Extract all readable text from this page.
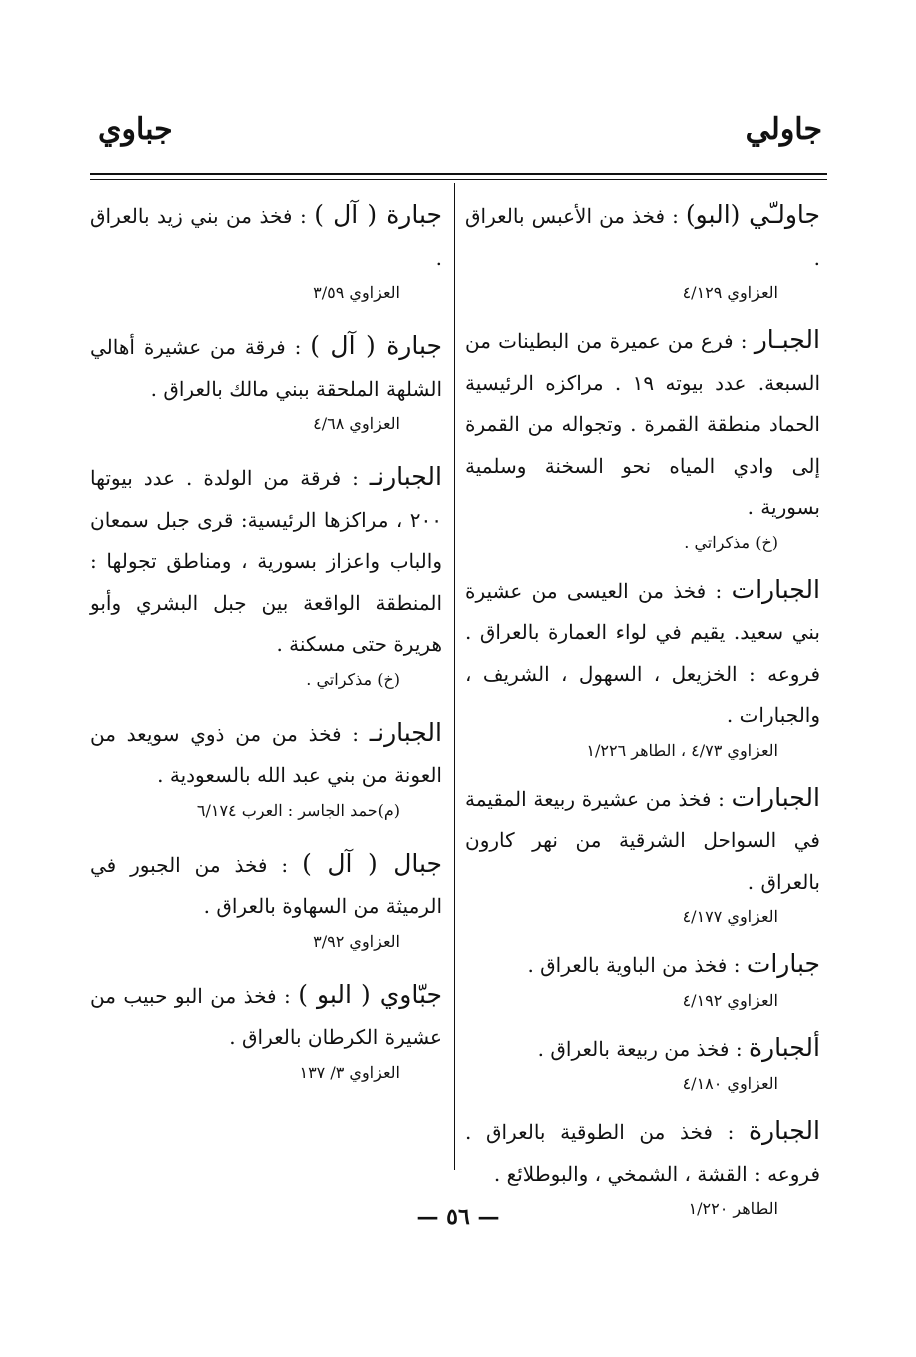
جاولي
جباوي

جاولـّي (البو) : فخذ من الأعبس بالعراق .

العزاوي ٤/١٢٩

الجبـار : فرع من عميرة من البطينات من السبعة. عدد بيوته ١٩ . مراكزه الرئيسية الحماد منطقة القمرة . وتجواله من القمرة إلى وادي المياه نحو السخنة وسلمية بسورية .

(خ) مذكراتي .

الجبارات : فخذ من العيسى من عشيرة بني سعيد. يقيم في لواء العمارة بالعراق . فروعه : الخزيعل ، السهول ، الشريف ، والجبارات .

العزاوي ٤/٧٣ ، الطاهر ١/٢٢٦

الجبارات : فخذ من عشيرة ربيعة المقيمة في السواحل الشرقية من نهر كارون بالعراق .

العزاوي ٤/١٧٧

جبارات : فخذ من الباوية بالعراق .

العزاوي ٤/١٩٢

ألجبارة : فخذ من ربيعة بالعراق .

العزاوي ٤/١٨٠

الجبارة : فخذ من الطوقية بالعراق . فروعه : القشة ، الشمخي ، والبوطلائع .

الطاهر ١/٢٢٠

جبارة ( آل ) : فخذ من بني زيد بالعراق .

العزاوي ٣/٥٩

جبارة ( آل ) : فرقة من عشيرة أهالي الشلهة الملحقة ببني مالك بالعراق .

العزاوي ٤/٦٨

الجبارنـ : فرقة من الولدة . عدد بيوتها ٢٠٠ ، مراكزها الرئيسية: قرى جبل سمعان والباب واعزاز بسورية ، ومناطق تجولها : المنطقة الواقعة بين جبل البشري وأبو هريرة حتى مسكنة .

(خ) مذكراتي .

الجبارنـ : فخذ من من ذوي سويعد من العونة من بني عبد الله بالسعودية .

(م)حمد الجاسر : العرب ٦/١٧٤

جبال ( آل ) : فخذ من الجبور في الرميثة من السهاوة بالعراق .

العزاوي ٣/٩٢

جبّاوي ( البو ) : فخذ من البو حبيب من عشيرة الكرطان بالعراق .

العزاوي ٣/ ١٣٧

— ٥٦ —
